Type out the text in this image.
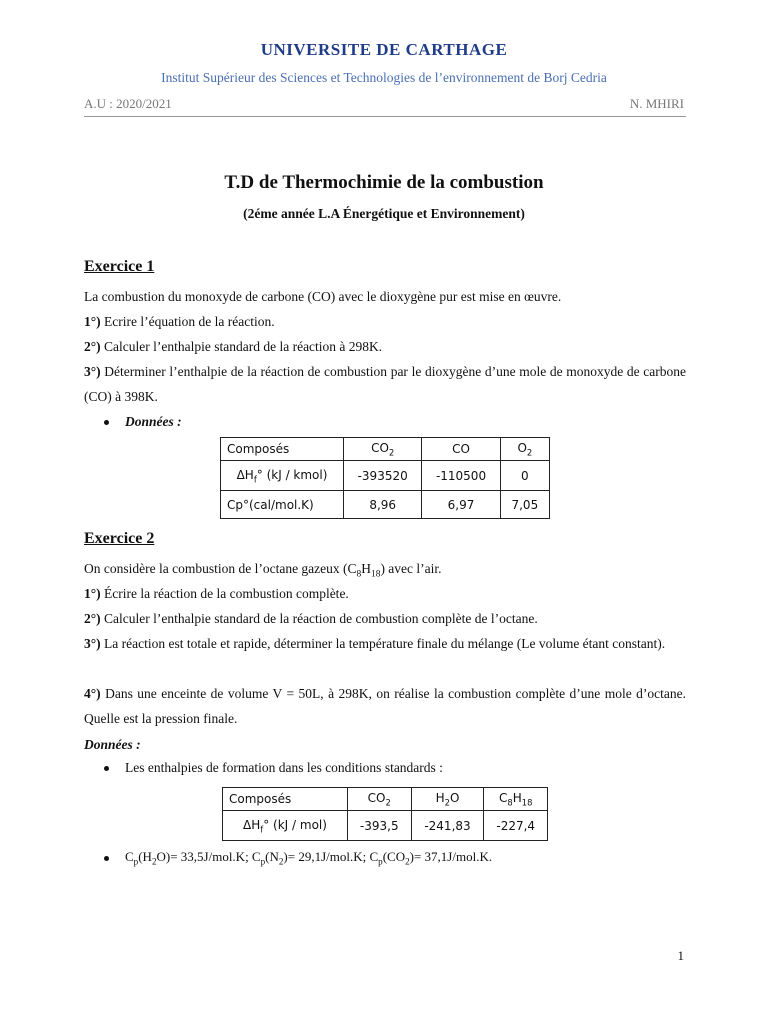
UNIVERSITE DE CARTHAGE
Institut Supérieur des Sciences et Technologies de l’environnement de Borj Cedria
A.U : 2020/2021	N. MHIRI
T.D de Thermochimie de la combustion
(2éme année L.A Énergétique et Environnement)
Exercice 1
La combustion du monoxyde de carbone (CO) avec le dioxygène pur est mise en œuvre.
1°) Ecrire l’équation de la réaction.
2°) Calculer l’enthalpie standard de la réaction à 298K.
3°) Déterminer l’enthalpie de la réaction de combustion par le dioxygène d’une mole de monoxyde de carbone (CO) à 398K.
Données :
Composés	$CO_2$	CO	$O_2$
$\Delta H_f^\circ$ (kJ / kmol)	-393520	-110500	0
Cp°(cal/mol.K)	8,96	6,97	7,05
Exercice 2
On considère la combustion de l’octane gazeux $(C_8H_{18})$ avec l’air.
1°) Écrire la réaction de la combustion complète.
2°) Calculer l’enthalpie standard de la réaction de combustion complète de l’octane.
3°) La réaction est totale et rapide, déterminer la température finale du mélange (Le volume étant constant).
4°) Dans une enceinte de volume V = 50L, à 298K, on réalise la combustion complète d’une mole d’octane. Quelle est la pression finale.
Données :
Les enthalpies de formation dans les conditions standards :
Composés	$CO_2$	$H_2O$	$C_8H_{18}$
$\Delta H_f^\circ$ (kJ / mol)	-393,5	-241,83	-227,4
$C_p(H_2O)= 33,5J/mol.K$; $C_p(N_2)= 29,1J/mol.K$; $C_p(CO_2)= 37,1J/mol.K$.
1
